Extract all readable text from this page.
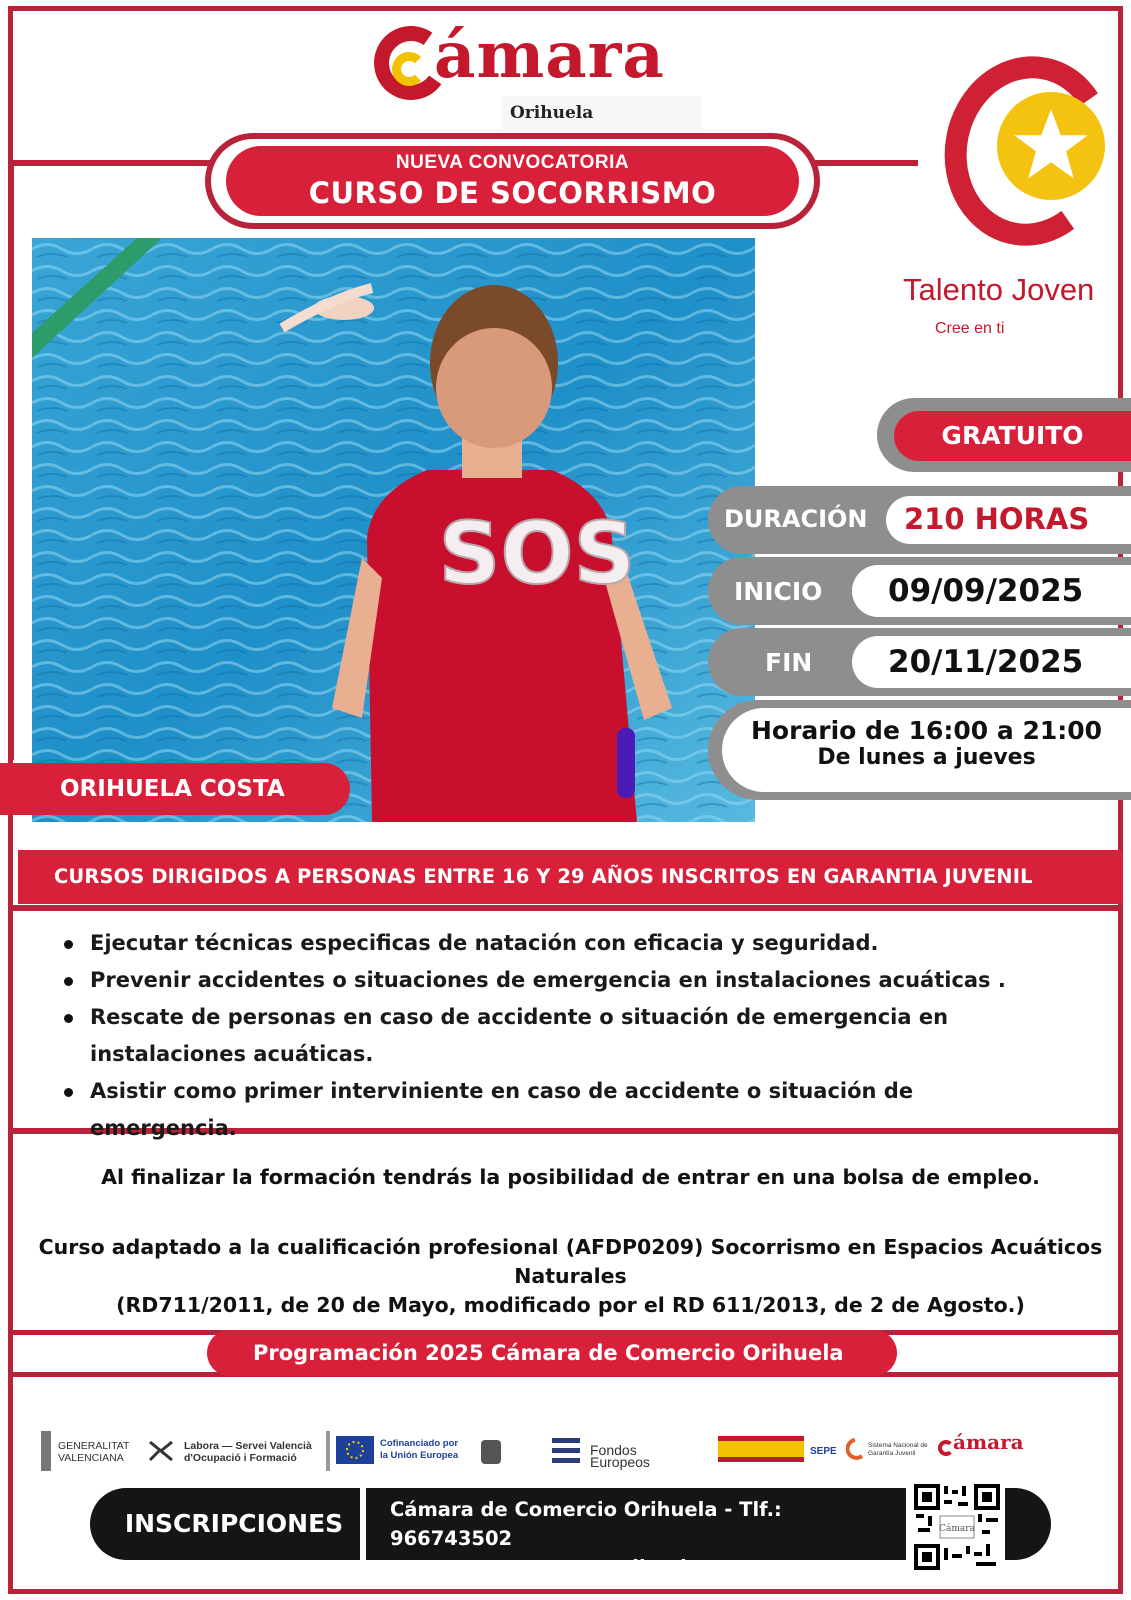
ámara
Orihuela
NUEVA CONVOCATORIA
CURSO DE SOCORRISMO
Talento Joven
Cree en ti
SOS
ORIHUELA COSTA
GRATUITO
DURACIÓN 210 HORAS
INICIO 09/09/2025
FIN 20/11/2025
Horario de 16:00 a 21:00
De lunes a jueves
CURSOS DIRIGIDOS A PERSONAS ENTRE 16 Y 29 AÑOS INSCRITOS EN GARANTIA JUVENIL
Ejecutar técnicas especificas de natación con eficacia y seguridad.
Prevenir accidentes o situaciones de emergencia en instalaciones acuáticas .
Rescate de personas en caso de accidente o situación de emergencia en instalaciones acuáticas.
Asistir como primer interviniente en caso de accidente o situación de emergencia.
Al finalizar la formación tendrás la posibilidad de entrar en una bolsa de empleo.
Curso adaptado a la cualificación profesional (AFDP0209) Socorrismo en Espacios Acuáticos Naturales
(RD711/2011, de 20 de Mayo, modificado por el RD 611/2013, de 2 de Agosto.)
Programación 2025 Cámara de Comercio Orihuela
GENERALITAT
VALENCIANA
Labora — Servei Valencià
d'Ocupació i Formació
Cofinanciado por
la Unión Europea	Fondos Europeos
SEPE
Sistema Nacional de Garantía Juvenil	ámara
INSCRIPCIONES	Cámara de Comercio Orihuela - Tlf.: 966743502
programas@camaraorihuela.org
Cámara
